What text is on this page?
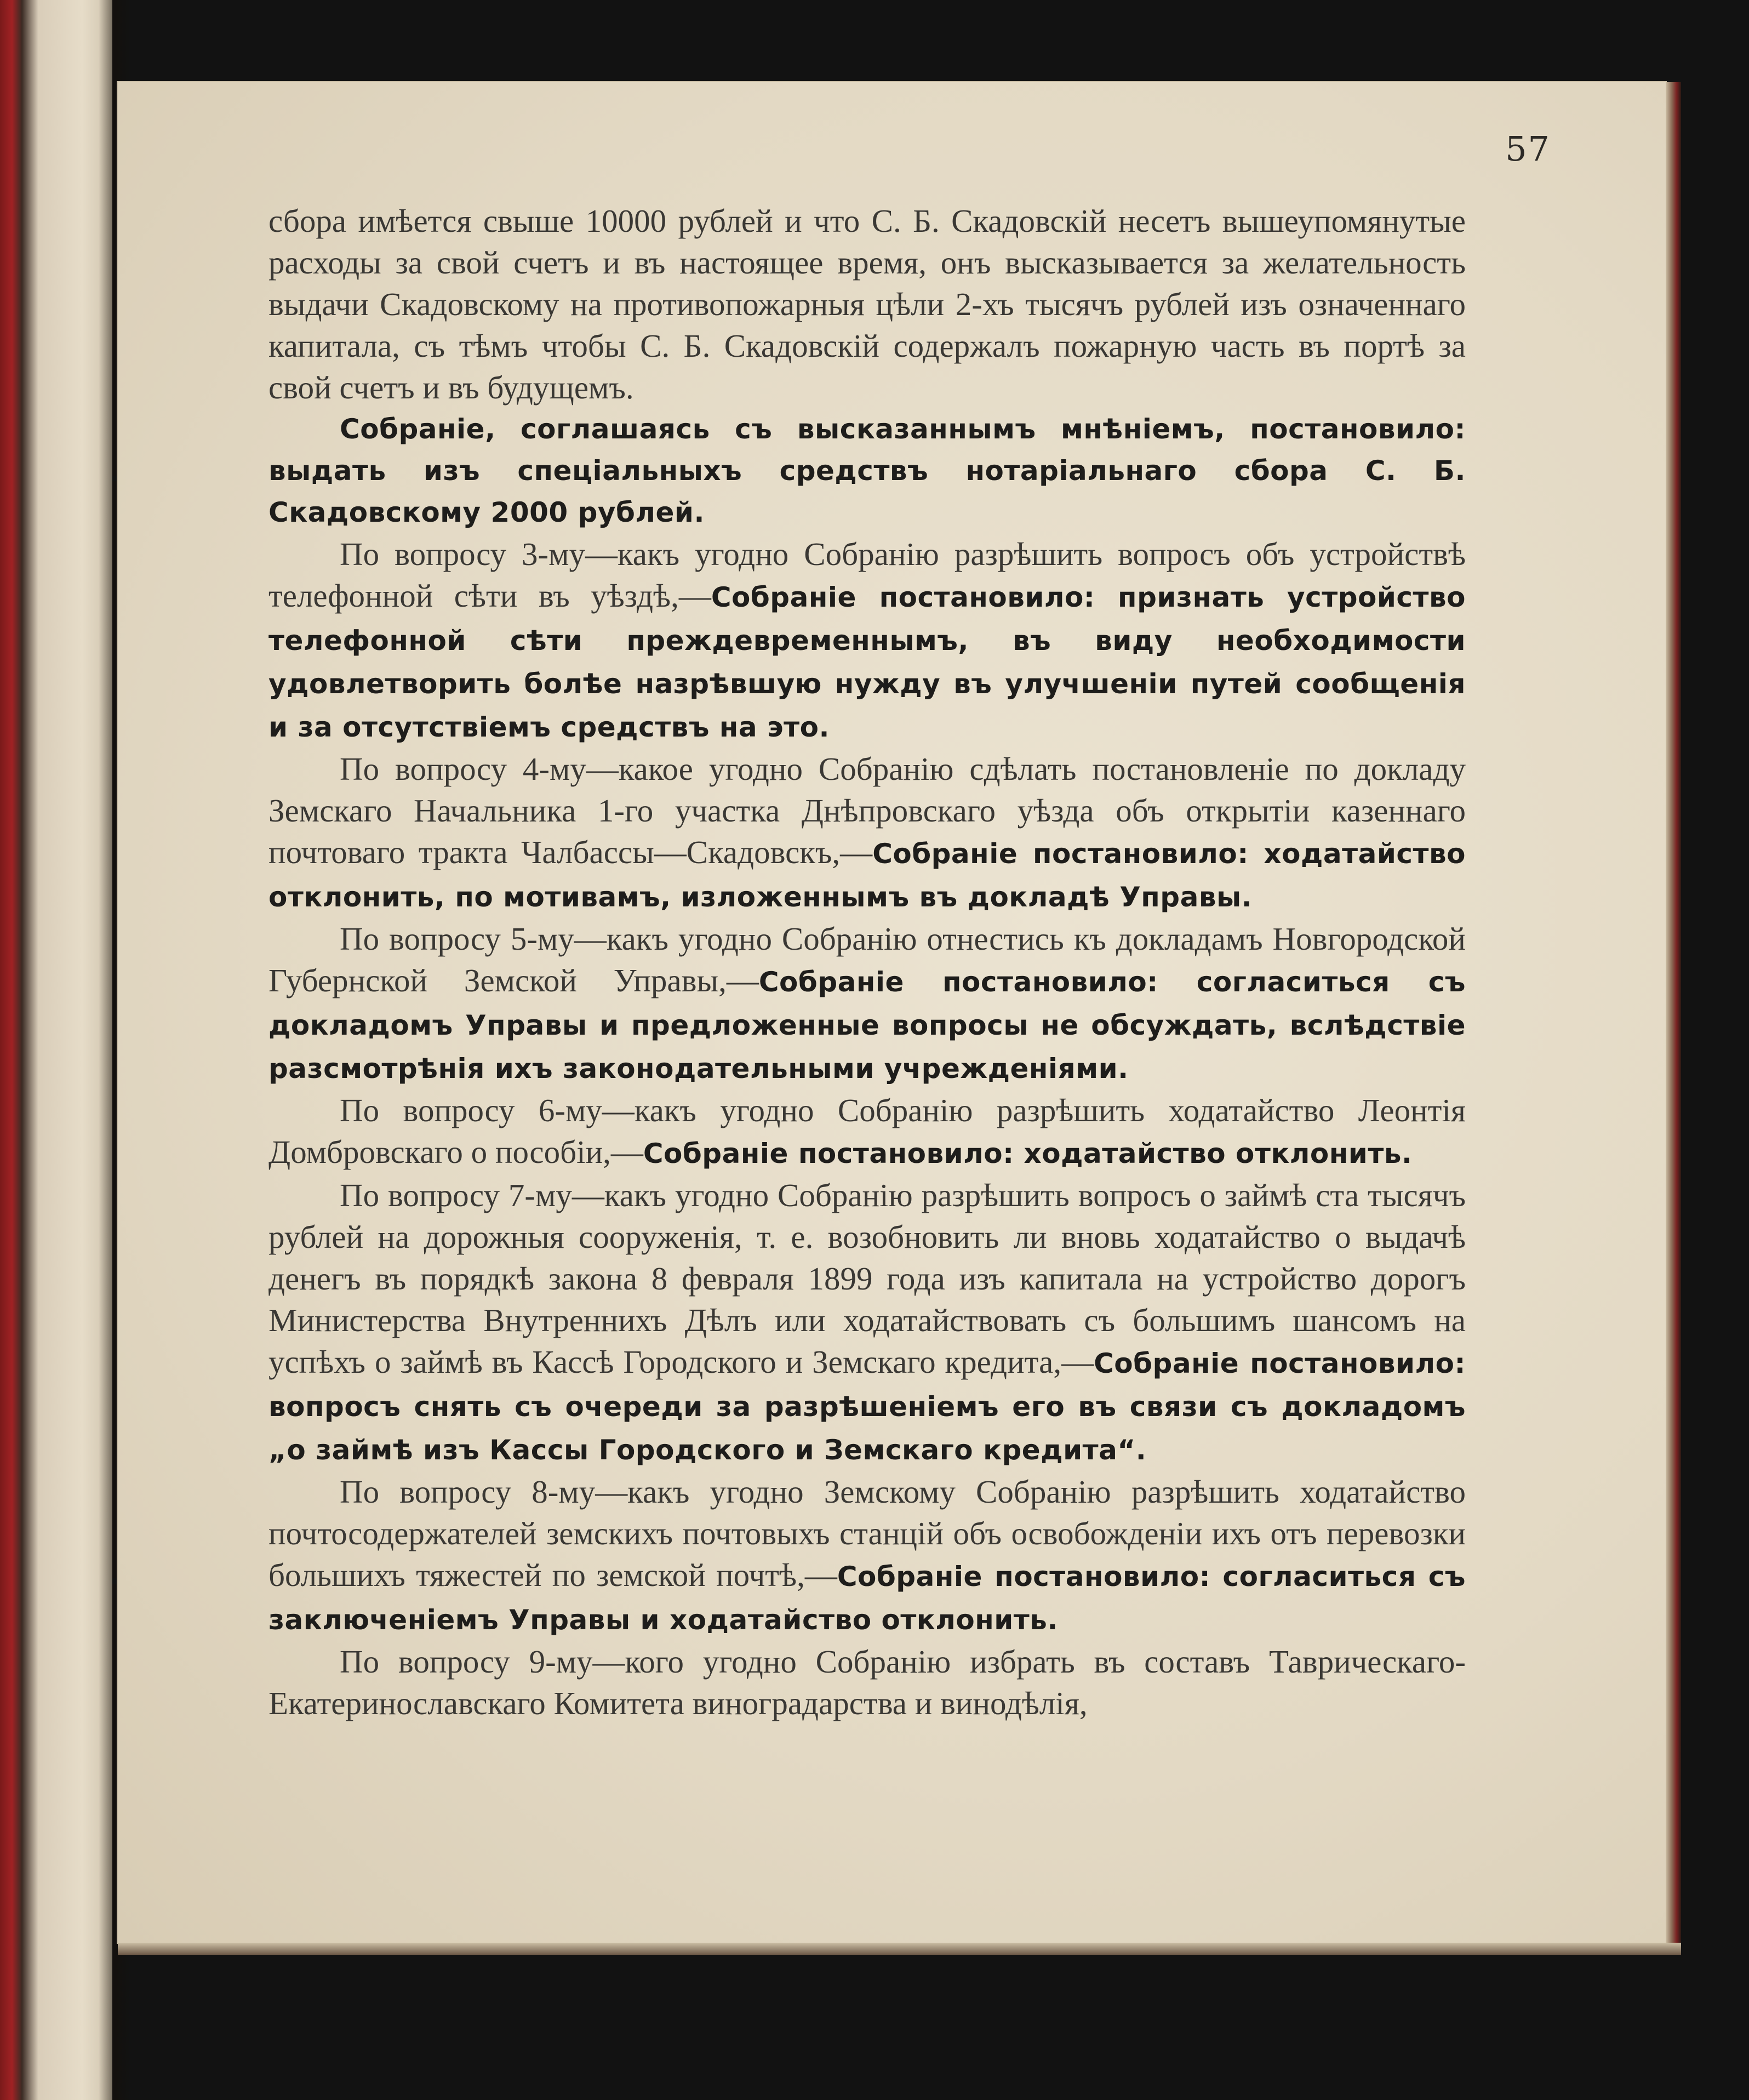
57

сбора имѣется свыше 10000 рублей и что С. Б. Скадовскій несетъ вышеупомянутые расходы за свой счетъ и въ настоящее время, онъ высказывается за желательность выдачи Скадовскому на противопожарныя цѣли 2-хъ тысячъ рублей изъ означеннаго капитала, съ тѣмъ чтобы С. Б. Скадовскій содержалъ пожарную часть въ портѣ за свой счетъ и въ будущемъ.

Собраніе, соглашаясь съ высказаннымъ мнѣніемъ, постановило: выдать изъ спеціальныхъ средствъ нотаріальнаго сбора С. Б. Скадовскому 2000 рублей.

По вопросу 3-му—какъ угодно Собранію разрѣшить вопросъ объ устройствѣ телефонной сѣти въ уѣздѣ,—Собраніе постановило: признать устройство телефонной сѣти преждевременнымъ, въ виду необходимости удовлетворить болѣе назрѣвшую нужду въ улучшеніи путей сообщенія и за отсутствіемъ средствъ на это.

По вопросу 4-му—какое угодно Собранію сдѣлать постановленіе по докладу Земскаго Начальника 1-го участка Днѣпровскаго уѣзда объ открытіи казеннаго почтоваго тракта Чалбассы—Скадовскъ,—Собраніе постановило: ходатайство отклонить, по мотивамъ, изложеннымъ въ докладѣ Управы.

По вопросу 5-му—какъ угодно Собранію отнестись къ докладамъ Новгородской Губернской Земской Управы,—Собраніе постановило: согласиться съ докладомъ Управы и предложенные вопросы не обсуждать, вслѣдствіе разсмотрѣнія ихъ законодательными учрежденіями.

По вопросу 6-му—какъ угодно Собранію разрѣшить ходатайство Леонтія Домбровскаго о пособіи,—Собраніе постановило: ходатайство отклонить.

По вопросу 7-му—какъ угодно Собранію разрѣшить вопросъ о займѣ ста тысячъ рублей на дорожныя сооруженія, т. е. возобновить ли вновь ходатайство о выдачѣ денегъ въ порядкѣ закона 8 февраля 1899 года изъ капитала на устройство дорогъ Министерства Внутреннихъ Дѣлъ или ходатайствовать съ большимъ шансомъ на успѣхъ о займѣ въ Кассѣ Городского и Земскаго кредита,—Собраніе постановило: вопросъ снять съ очереди за разрѣшеніемъ его въ связи съ докладомъ „о займѣ изъ Кассы Городского и Земскаго кредита“.

По вопросу 8-му—какъ угодно Земскому Собранію разрѣшить ходатайство почтосодержателей земскихъ почтовыхъ станцій объ освобожденіи ихъ отъ перевозки большихъ тяжестей по земской почтѣ,—Собраніе постановило: согласиться съ заключеніемъ Управы и ходатайство отклонить.

По вопросу 9-му—кого угодно Собранію избрать въ составъ Таврическаго-Екатеринославскаго Комитета виноградарства и винодѣлія,
